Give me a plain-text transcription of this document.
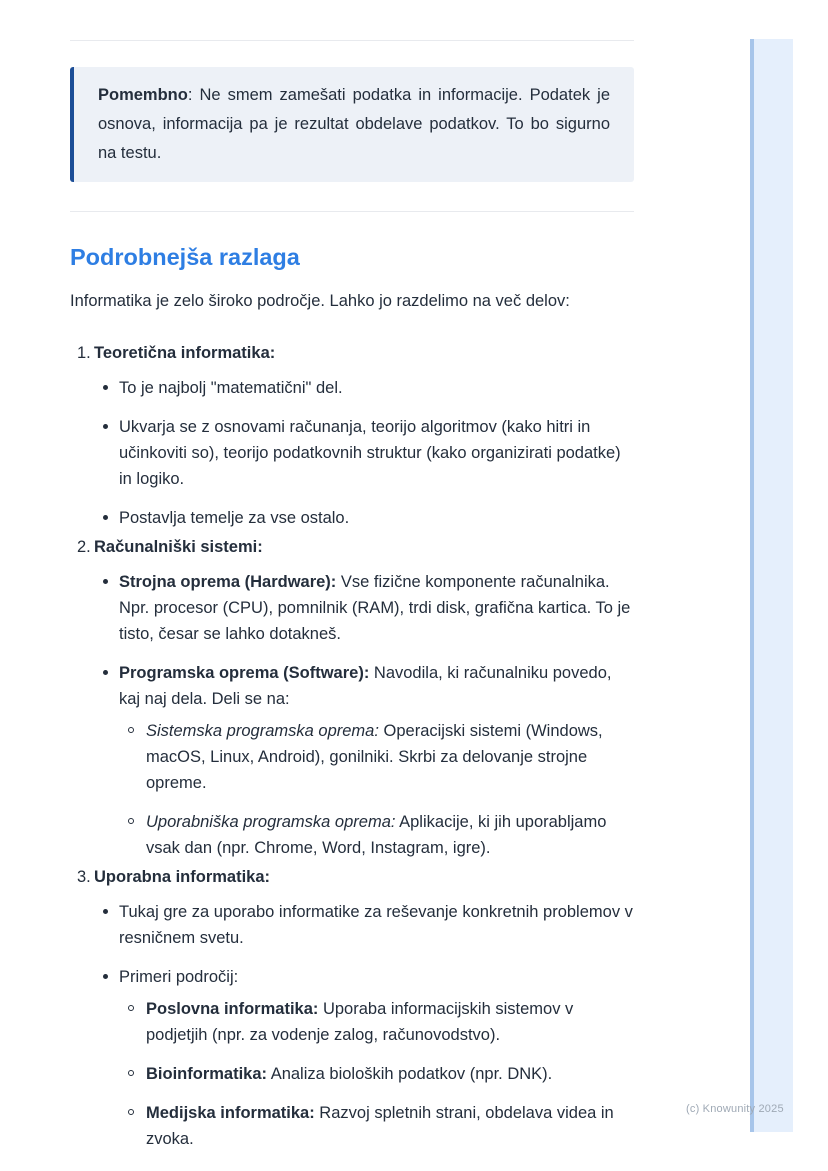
Pomembno: Ne smem zamešati podatka in informacije. Podatek je osnova, informacija pa je rezultat obdelave podatkov. To bo sigurno na testu.

Podrobnejša razlaga

Informatika je zelo široko področje. Lahko jo razdelimo na več delov:

1. Teoretična informatika:
To je najbolj "matematični" del.
Ukvarja se z osnovami računanja, teorijo algoritmov (kako hitri in učinkoviti so), teorijo podatkovnih struktur (kako organizirati podatke) in logiko.
Postavlja temelje za vse ostalo.
2. Računalniški sistemi:
Strojna oprema (Hardware): Vse fizične komponente računalnika. Npr. procesor (CPU), pomnilnik (RAM), trdi disk, grafična kartica. To je tisto, česar se lahko dotakneš.
Programska oprema (Software): Navodila, ki računalniku povedo, kaj naj dela. Deli se na:
Sistemska programska oprema: Operacijski sistemi (Windows, macOS, Linux, Android), gonilniki. Skrbi za delovanje strojne opreme.
Uporabniška programska oprema: Aplikacije, ki jih uporabljamo vsak dan (npr. Chrome, Word, Instagram, igre).
3. Uporabna informatika:
Tukaj gre za uporabo informatike za reševanje konkretnih problemov v resničnem svetu.
Primeri področij:
Poslovna informatika: Uporaba informacijskih sistemov v podjetjih (npr. za vodenje zalog, računovodstvo).
Bioinformatika: Analiza bioloških podatkov (npr. DNK).
Medijska informatika: Razvoj spletnih strani, obdelava videa in zvoka.
(c) Knowunity 2025
